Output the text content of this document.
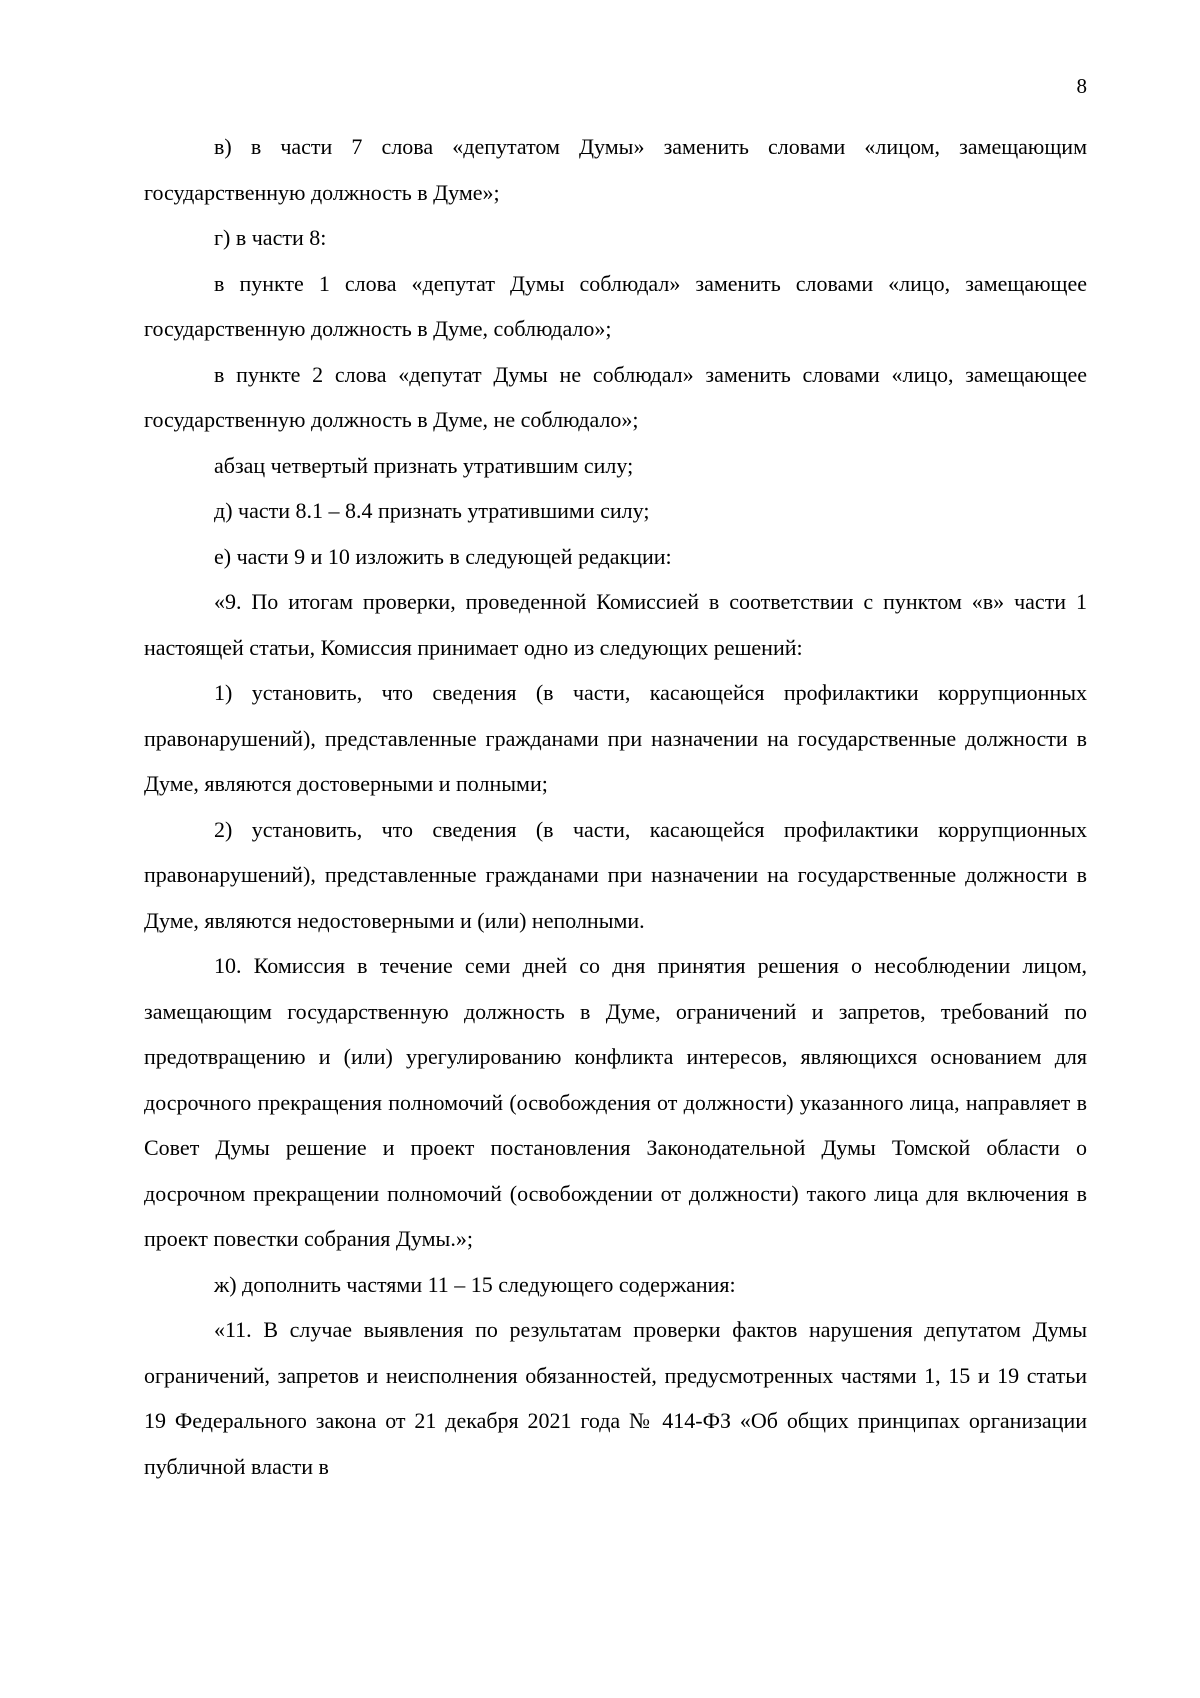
8

в) в части 7 слова «депутатом Думы» заменить словами «лицом, замещающим государственную должность в Думе»;

г) в части 8:

в пункте 1 слова «депутат Думы соблюдал» заменить словами «лицо, замещающее государственную должность в Думе, соблюдало»;

в пункте 2 слова «депутат Думы не соблюдал» заменить словами «лицо, замещающее государственную должность в Думе, не соблюдало»;

абзац четвертый признать утратившим силу;

д) части 8.1 – 8.4 признать утратившими силу;

е) части 9 и 10 изложить в следующей редакции:

«9. По итогам проверки, проведенной Комиссией в соответствии с пунктом «в» части 1 настоящей статьи, Комиссия принимает одно из следующих решений:

1) установить, что сведения (в части, касающейся профилактики коррупционных правонарушений), представленные гражданами при назначении на государственные должности в Думе, являются достоверными и полными;

2) установить, что сведения (в части, касающейся профилактики коррупционных правонарушений), представленные гражданами при назначении на государственные должности в Думе, являются недостоверными и (или) неполными.

10. Комиссия в течение семи дней со дня принятия решения о несоблюдении лицом, замещающим государственную должность в Думе, ограничений и запретов, требований по предотвращению и (или) урегулированию конфликта интересов, являющихся основанием для досрочного прекращения полномочий (освобождения от должности) указанного лица, направляет в Совет Думы решение и проект постановления Законодательной Думы Томской области о досрочном прекращении полномочий (освобождении от должности) такого лица для включения в проект повестки собрания Думы.»;

ж) дополнить частями 11 – 15 следующего содержания:

«11. В случае выявления по результатам проверки фактов нарушения депутатом Думы ограничений, запретов и неисполнения обязанностей, предусмотренных частями 1, 15 и 19 статьи 19 Федерального закона от 21 декабря 2021 года № 414-ФЗ «Об общих принципах организации публичной власти в
